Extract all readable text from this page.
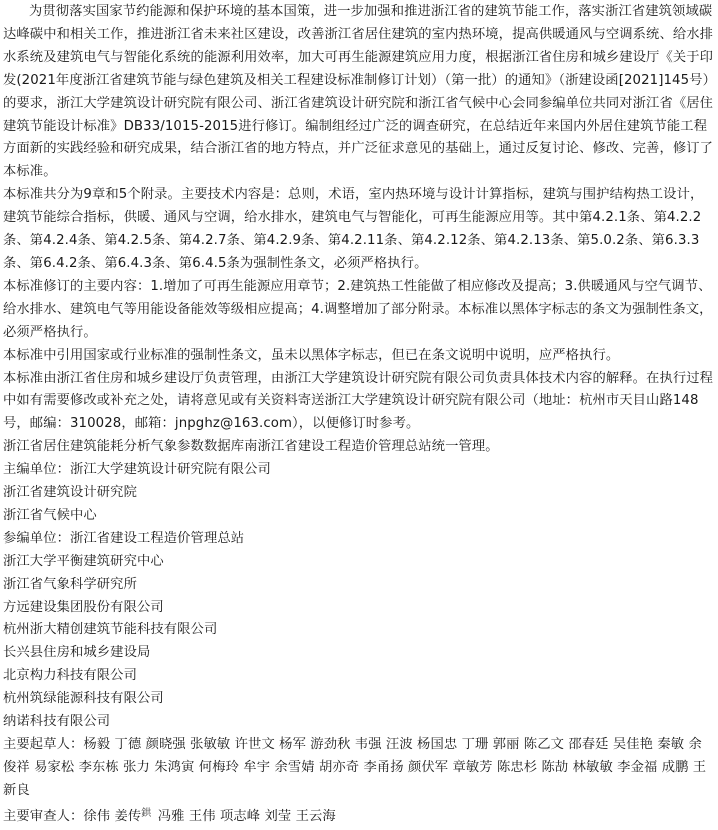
为贯彻落实国家节约能源和保护环境的基本国策，进一步加强和推进浙江省的建筑节能工作，落实浙江省建筑领域碳达峰碳中和相关工作，推进浙江省未来社区建设，改善浙江省居住建筑的室内热环境，提高供暖通风与空调系统、给水排水系统及建筑电气与智能化系统的能源利用效率，加大可再生能源建筑应用力度，根据浙江省住房和城乡建设厅《关于印发(2021年度浙江省建筑节能与绿色建筑及相关工程建设标准制修订计划）（第一批）的通知》（浙建设函[2021]145号）的要求，浙江大学建筑设计研究院有限公司、浙江省建筑设计研究院和浙江省气候中心会同参编单位共同对浙江省《居住建筑节能设计标准》DB33/1015-2015进行修订。编制组经过广泛的调查研究，在总结近年来国内外居住建筑节能工程方面新的实践经验和研究成果，结合浙江省的地方特点，并广泛征求意见的基础上，通过反复讨论、修改、完善，修订了本标准。

本标准共分为9章和5个附录。主要技术内容是：总则，术语，室内热环境与设计计算指标，建筑与围护结构热工设计，建筑节能综合指标，供暖、通风与空调，给水排水，建筑电气与智能化，可再生能源应用等。其中第4.2.1条、第4.2.2条、第4.2.4条、第4.2.5条、第4.2.7条、第4.2.9条、第4.2.11条、第4.2.12条、第4.2.13条、第5.0.2条、第6.3.3条、第6.4.2条、第6.4.3条、第6.4.5条为强制性条文，必须严格执行。

本标准修订的主要内容：1.增加了可再生能源应用章节；2.建筑热工性能做了相应修改及提高；3.供暖通风与空气调节、给水排水、建筑电气等用能设备能效等级相应提高；4.调整增加了部分附录。本标准以黑体字标志的条文为强制性条文，必须严格执行。

本标准中引用国家或行业标准的强制性条文，虽未以黑体字标志，但已在条文说明中说明，应严格执行。

本标准由浙江省住房和城乡建设厅负责管理，由浙江大学建筑设计研究院有限公司负责具体技术内容的解释。在执行过程中如有需要修改或补充之处，请将意见或有关资料寄送浙江大学建筑设计研究院有限公司（地址：杭州市天目山路148号，邮编：310028，邮箱：jnpghz@163.com），以便修订时参考。

浙江省居住建筑能耗分析气象参数数据库南浙江省建设工程造价管理总站统一管理。

主编单位：浙江大学建筑设计研究院有限公司

浙江省建筑设计研究院

浙江省气候中心

参编单位：浙江省建设工程造价管理总站

浙江大学平衡建筑研究中心

浙江省气象科学研究所

方远建设集团股份有限公司

杭州浙大精创建筑节能科技有限公司

长兴县住房和城乡建设局

北京构力科技有限公司

杭州筑绿能源科技有限公司

纳诺科技有限公司

主要起草人：杨毅 丁德 颜晓强 张敏敏 许世文 杨军 游劲秋 韦强 汪波 杨国忠 丁珊 郭丽 陈乙文 邵春廷 吴佳艳 秦敏 余俊祥 易家松 李东栋 张力 朱鸿寅 何梅玲 牟宇 余雪婧 胡亦奇 李甬扬 颜伏军 章敏芳 陈忠杉 陈劼 林敏敏 李金福 成鹏 王新良

主要审查人：徐伟 姜传鉷 冯雅 王伟 项志峰 刘莹 王云海
